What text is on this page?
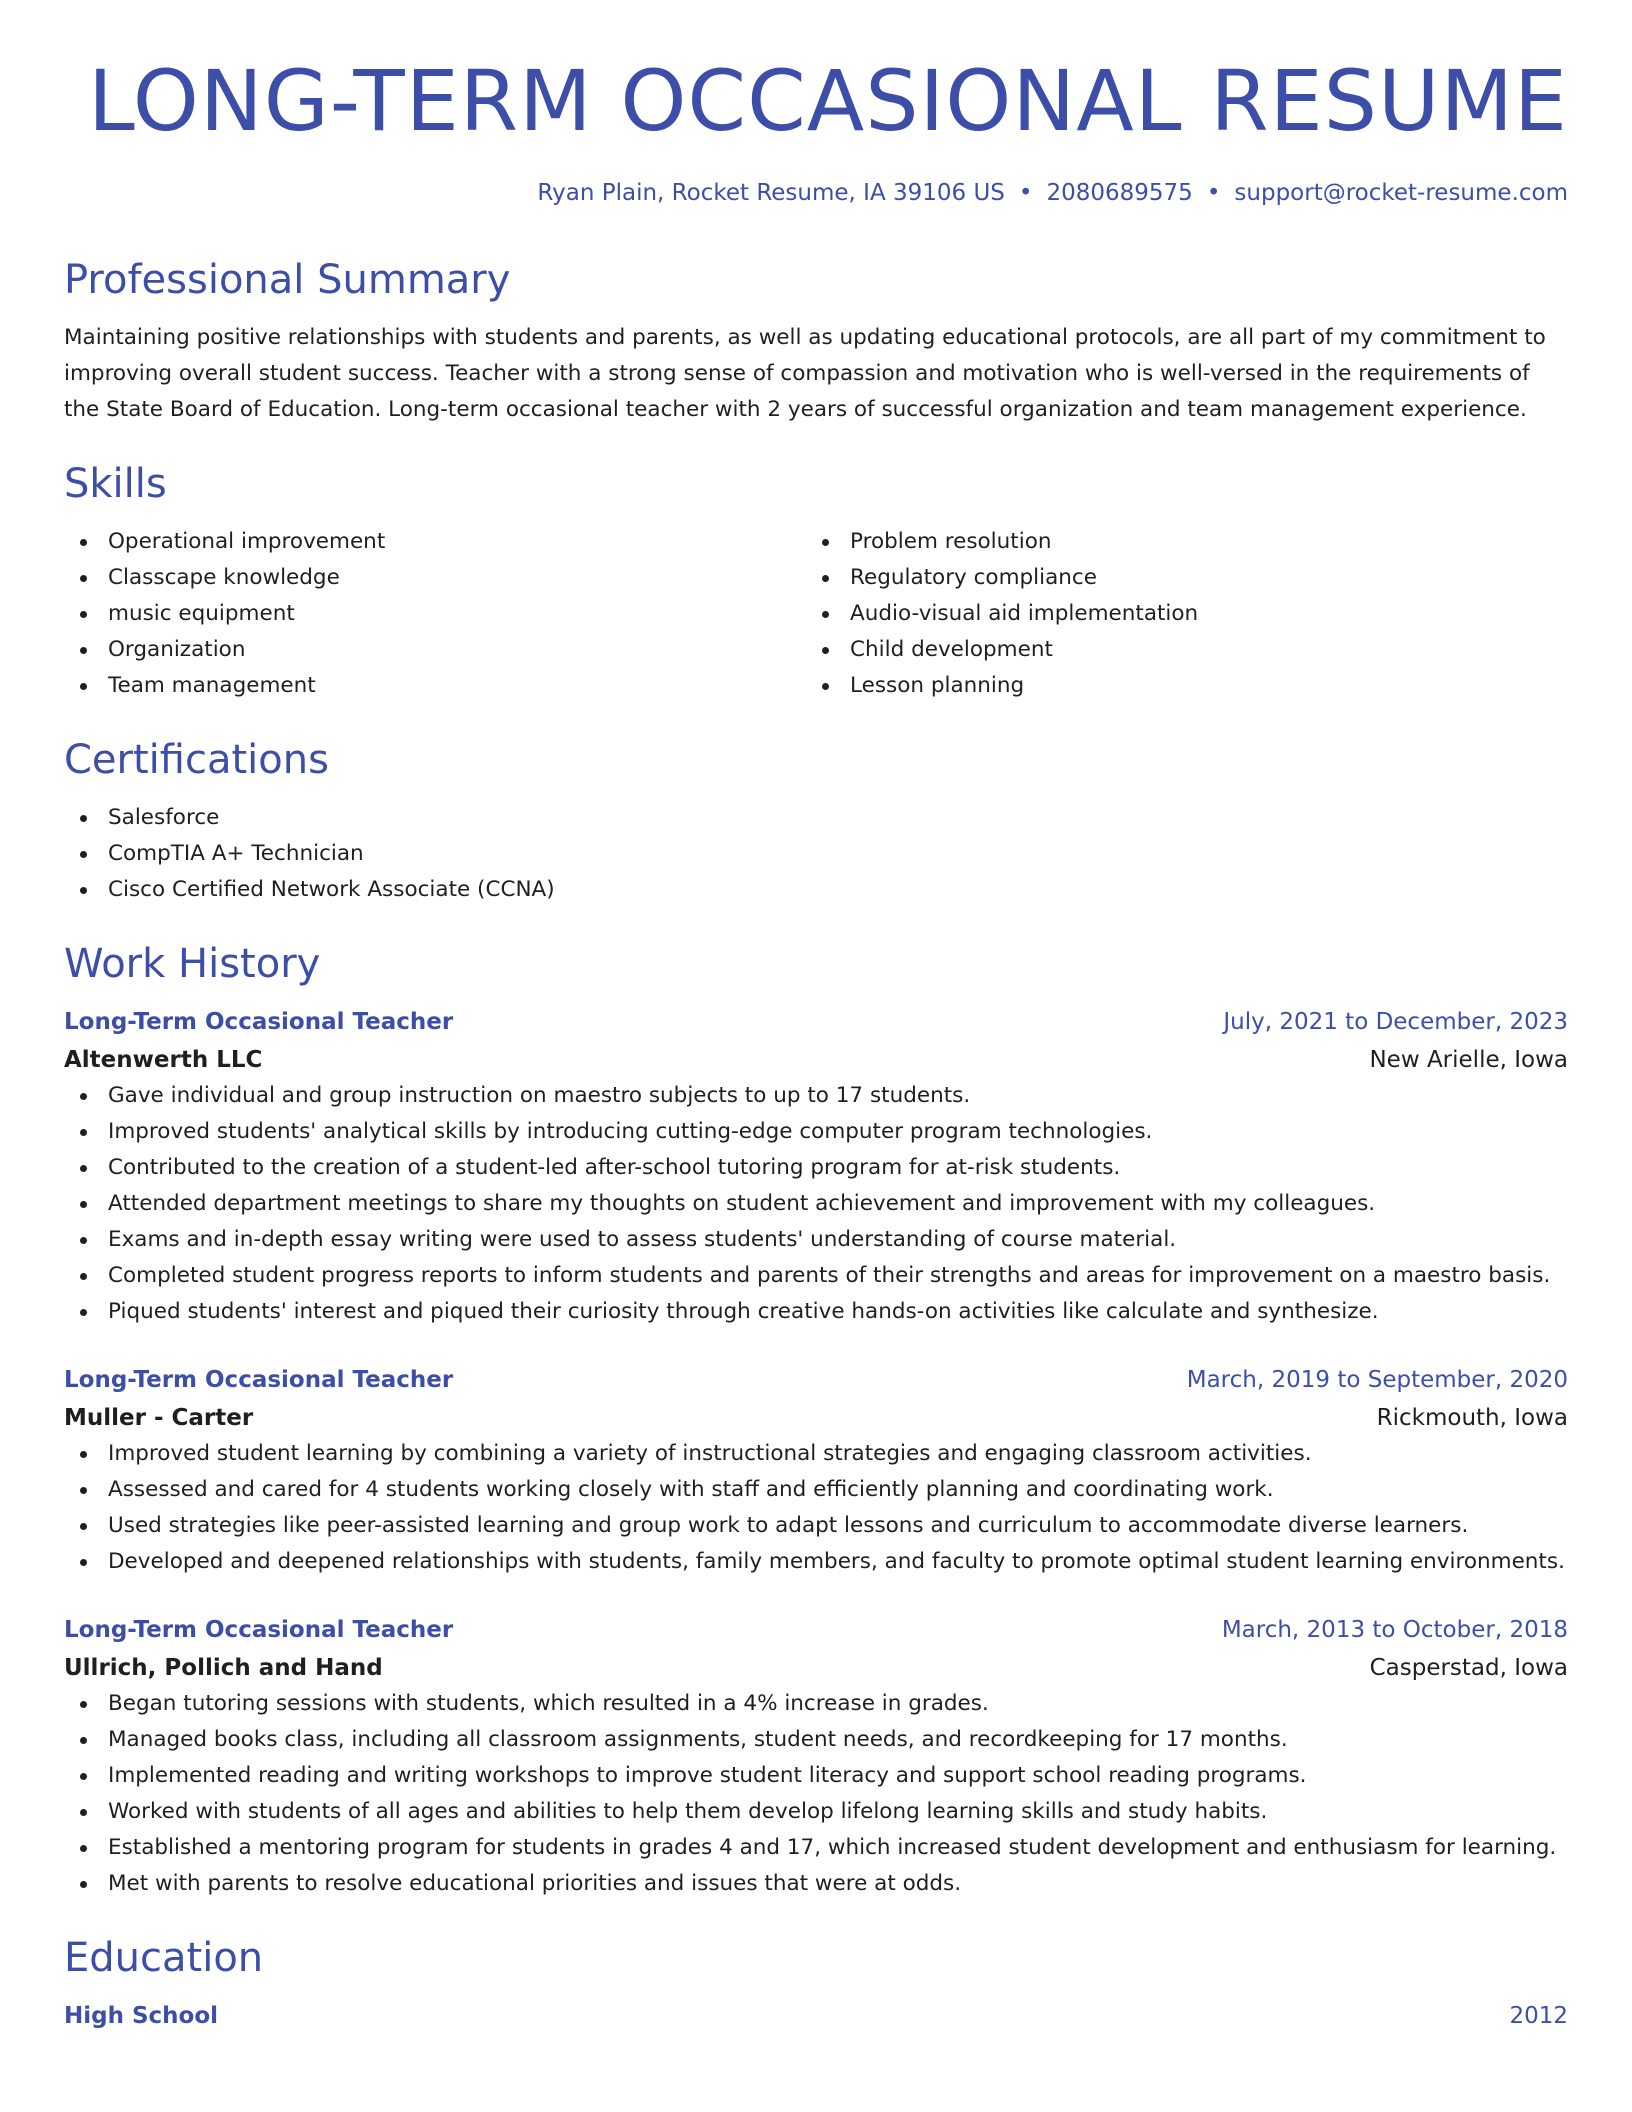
LONG-TERM OCCASIONAL RESUME
Ryan Plain, Rocket Resume, IA 39106 US • 2080689575 • support@rocket-resume.com
Professional Summary

Maintaining positive relationships with students and parents, as well as updating educational protocols, are all part of my commitment to improving overall student success. Teacher with a strong sense of compassion and motivation who is well-versed in the requirements of the State Board of Education. Long-term occasional teacher with 2 years of successful organization and team management experience.

Skills
Operational improvement
Classcape knowledge
music equipment
Organization
Team management
Problem resolution
Regulatory compliance
Audio-visual aid implementation
Child development
Lesson planning
Certifications
Salesforce
CompTIA A+ Technician
Cisco Certified Network Associate (CCNA)
Work History
Long-Term Occasional Teacher	July, 2021 to December, 2023
Altenwerth LLC	New Arielle, Iowa
Gave individual and group instruction on maestro subjects to up to 17 students.
Improved students' analytical skills by introducing cutting-edge computer program technologies.
Contributed to the creation of a student-led after-school tutoring program for at-risk students.
Attended department meetings to share my thoughts on student achievement and improvement with my colleagues.
Exams and in-depth essay writing were used to assess students' understanding of course material.
Completed student progress reports to inform students and parents of their strengths and areas for improvement on a maestro basis.
Piqued students' interest and piqued their curiosity through creative hands-on activities like calculate and synthesize.
Long-Term Occasional Teacher	March, 2019 to September, 2020
Muller - Carter	Rickmouth, Iowa
Improved student learning by combining a variety of instructional strategies and engaging classroom activities.
Assessed and cared for 4 students working closely with staff and efficiently planning and coordinating work.
Used strategies like peer-assisted learning and group work to adapt lessons and curriculum to accommodate diverse learners.
Developed and deepened relationships with students, family members, and faculty to promote optimal student learning environments.
Long-Term Occasional Teacher	March, 2013 to October, 2018
Ullrich, Pollich and Hand	Casperstad, Iowa
Began tutoring sessions with students, which resulted in a 4% increase in grades.
Managed books class, including all classroom assignments, student needs, and recordkeeping for 17 months.
Implemented reading and writing workshops to improve student literacy and support school reading programs.
Worked with students of all ages and abilities to help them develop lifelong learning skills and study habits.
Established a mentoring program for students in grades 4 and 17, which increased student development and enthusiasm for learning.
Met with parents to resolve educational priorities and issues that were at odds.
Education
High School	2012
